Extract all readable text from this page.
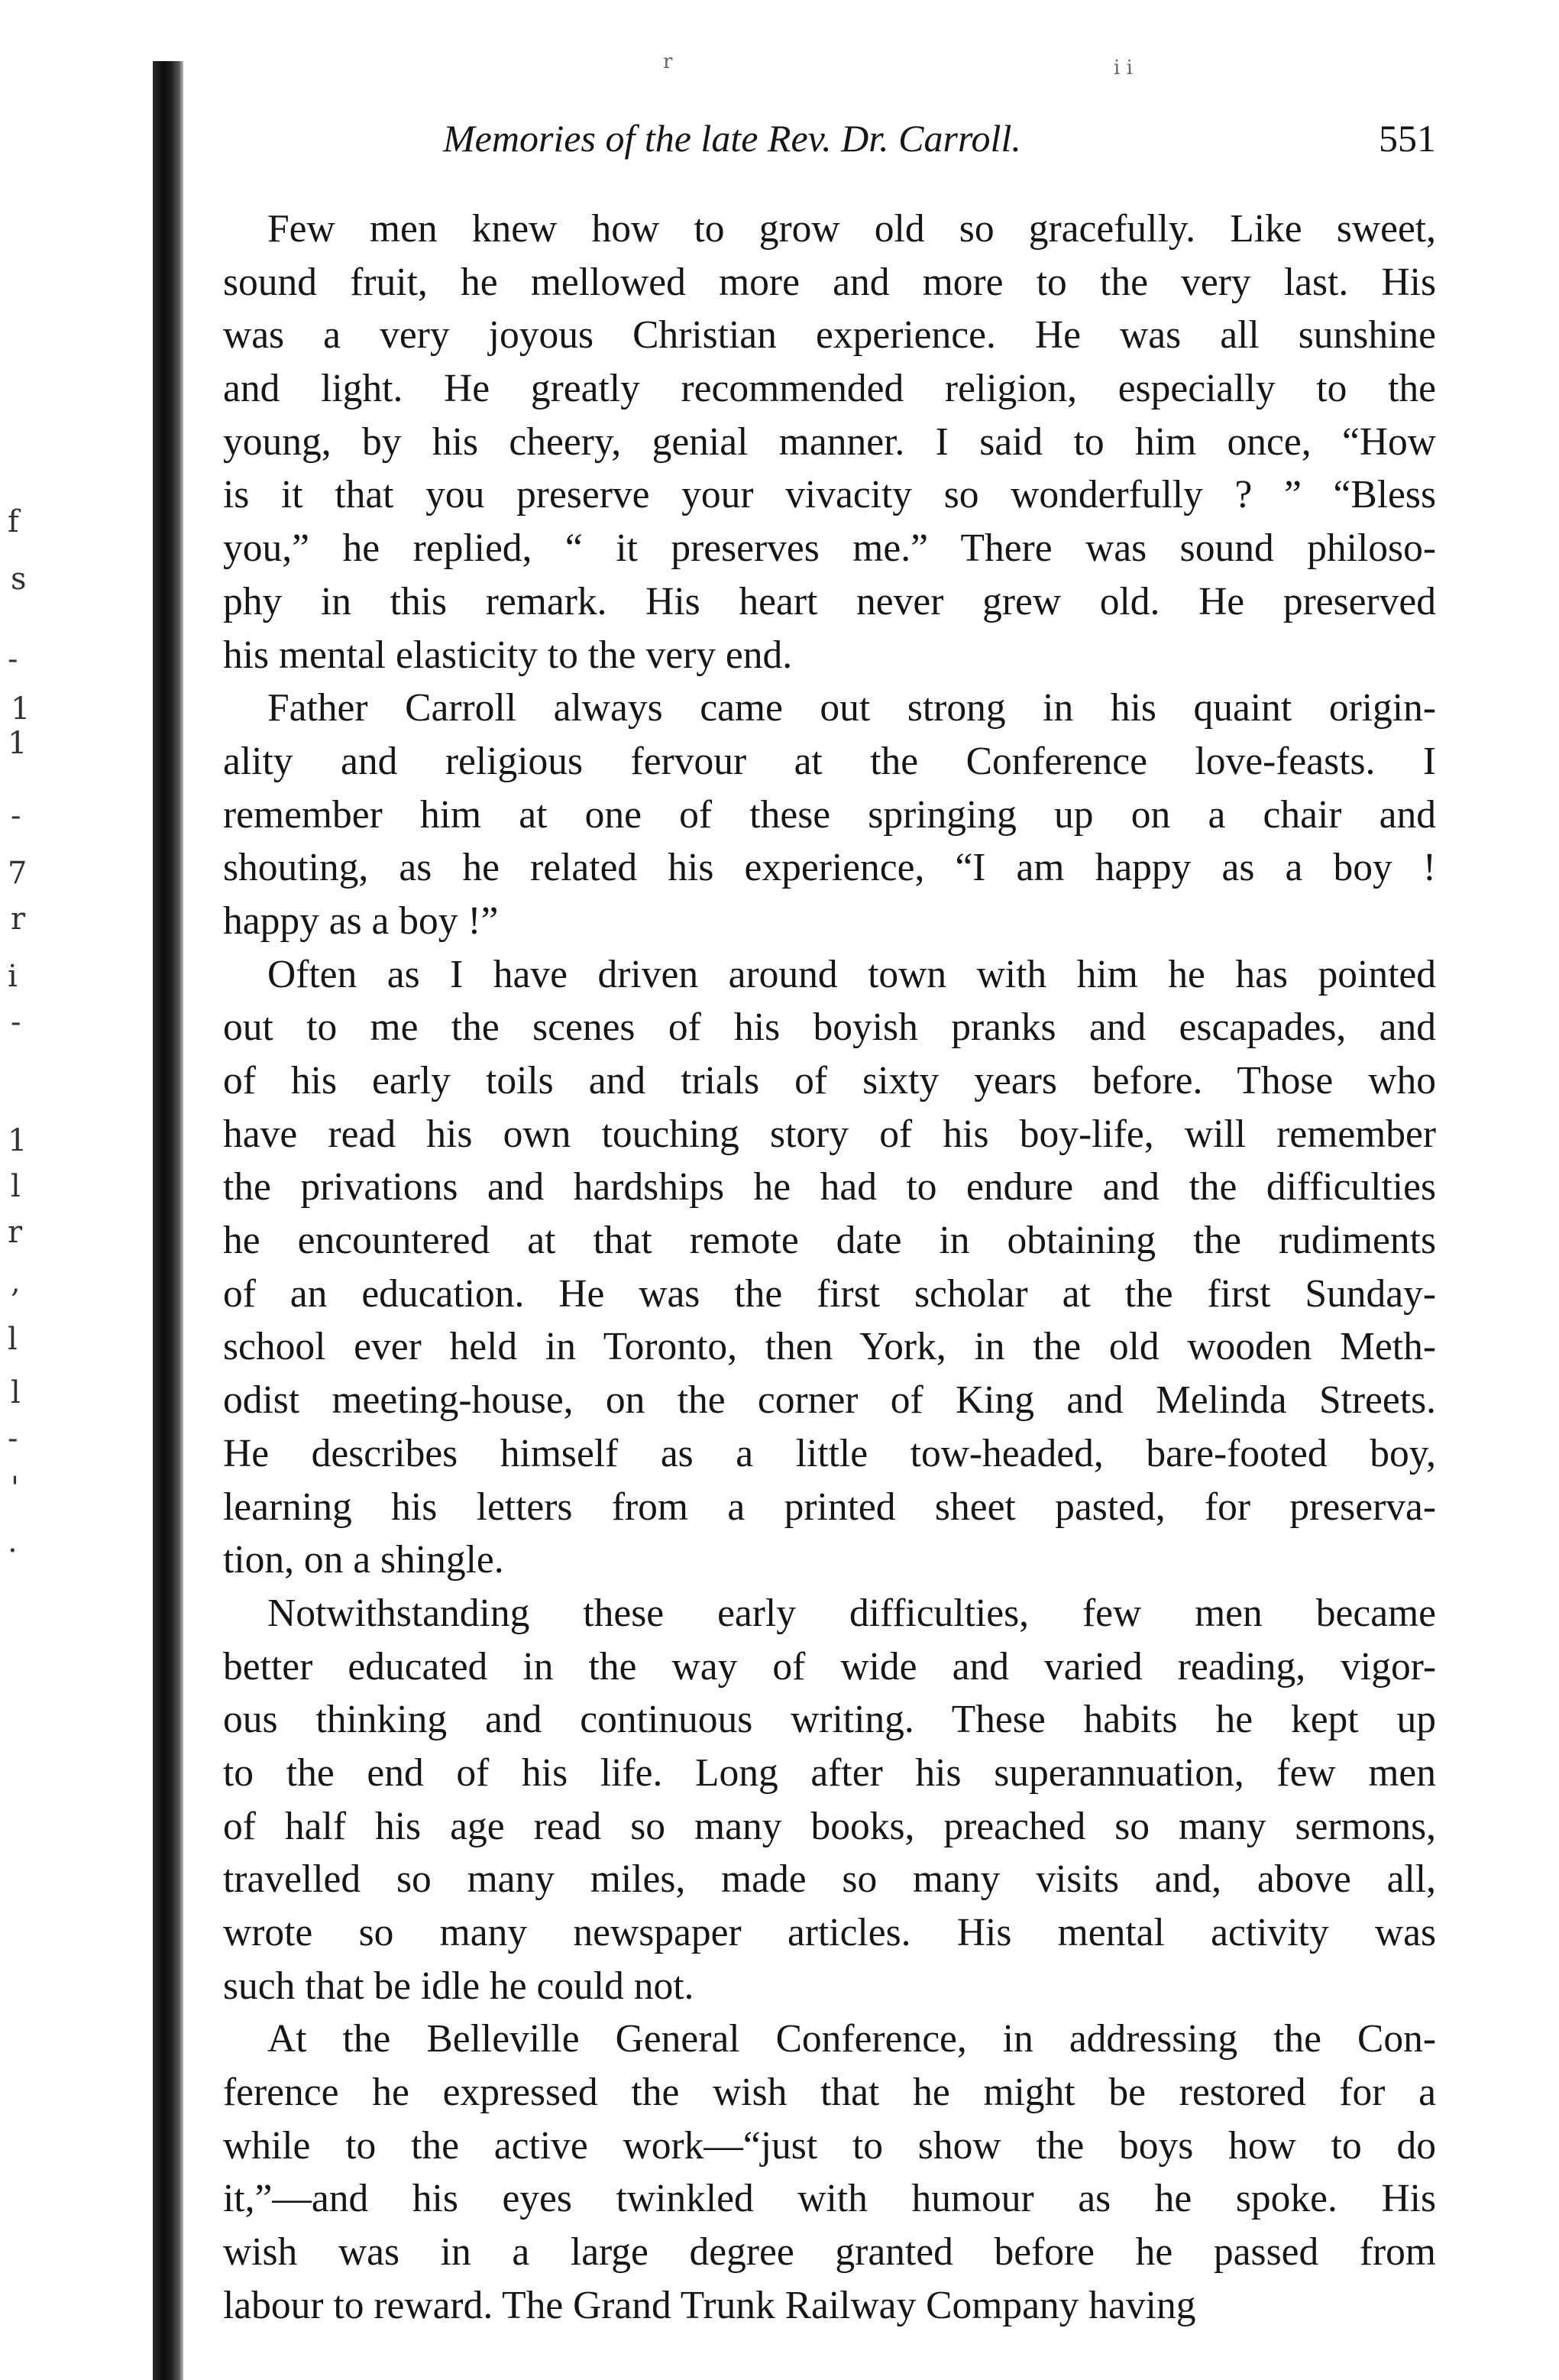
f
s
-
1
1
-
7
r
i
-
1
l
r
,
l
l
-
'
.
r	i i
Memories of the late Rev. Dr. Carroll.	551
Few men knew how to grow old so gracefully. Like sweet,
sound fruit, he mellowed more and more to the very last. His
was a very joyous Christian experience. He was all sunshine
and light. He greatly recommended religion, especially to the
young, by his cheery, genial manner. I said to him once, “How
is it that you preserve your vivacity so wonderfully ? ” “Bless
you,” he replied, “ it preserves me.” There was sound philoso-
phy in this remark. His heart never grew old. He preserved
his mental elasticity to the very end.
Father Carroll always came out strong in his quaint origin-
ality and religious fervour at the Conference love-feasts. I
remember him at one of these springing up on a chair and
shouting, as he related his experience, “I am happy as a boy !
happy as a boy !”
Often as I have driven around town with him he has pointed
out to me the scenes of his boyish pranks and escapades, and
of his early toils and trials of sixty years before. Those who
have read his own touching story of his boy-life, will remember
the privations and hardships he had to endure and the difficulties
he encountered at that remote date in obtaining the rudiments
of an education. He was the first scholar at the first Sunday-
school ever held in Toronto, then York, in the old wooden Meth-
odist meeting-house, on the corner of King and Melinda Streets.
He describes himself as a little tow-headed, bare-footed boy,
learning his letters from a printed sheet pasted, for preserva-
tion, on a shingle.
Notwithstanding these early difficulties, few men became
better educated in the way of wide and varied reading, vigor-
ous thinking and continuous writing. These habits he kept up
to the end of his life. Long after his superannuation, few men
of half his age read so many books, preached so many sermons,
travelled so many miles, made so many visits and, above all,
wrote so many newspaper articles. His mental activity was
such that be idle he could not.
At the Belleville General Conference, in addressing the Con-
ference he expressed the wish that he might be restored for a
while to the active work—“just to show the boys how to do
it,”—and his eyes twinkled with humour as he spoke. His
wish was in a large degree granted before he passed from
labour to reward. The Grand Trunk Railway Company having
